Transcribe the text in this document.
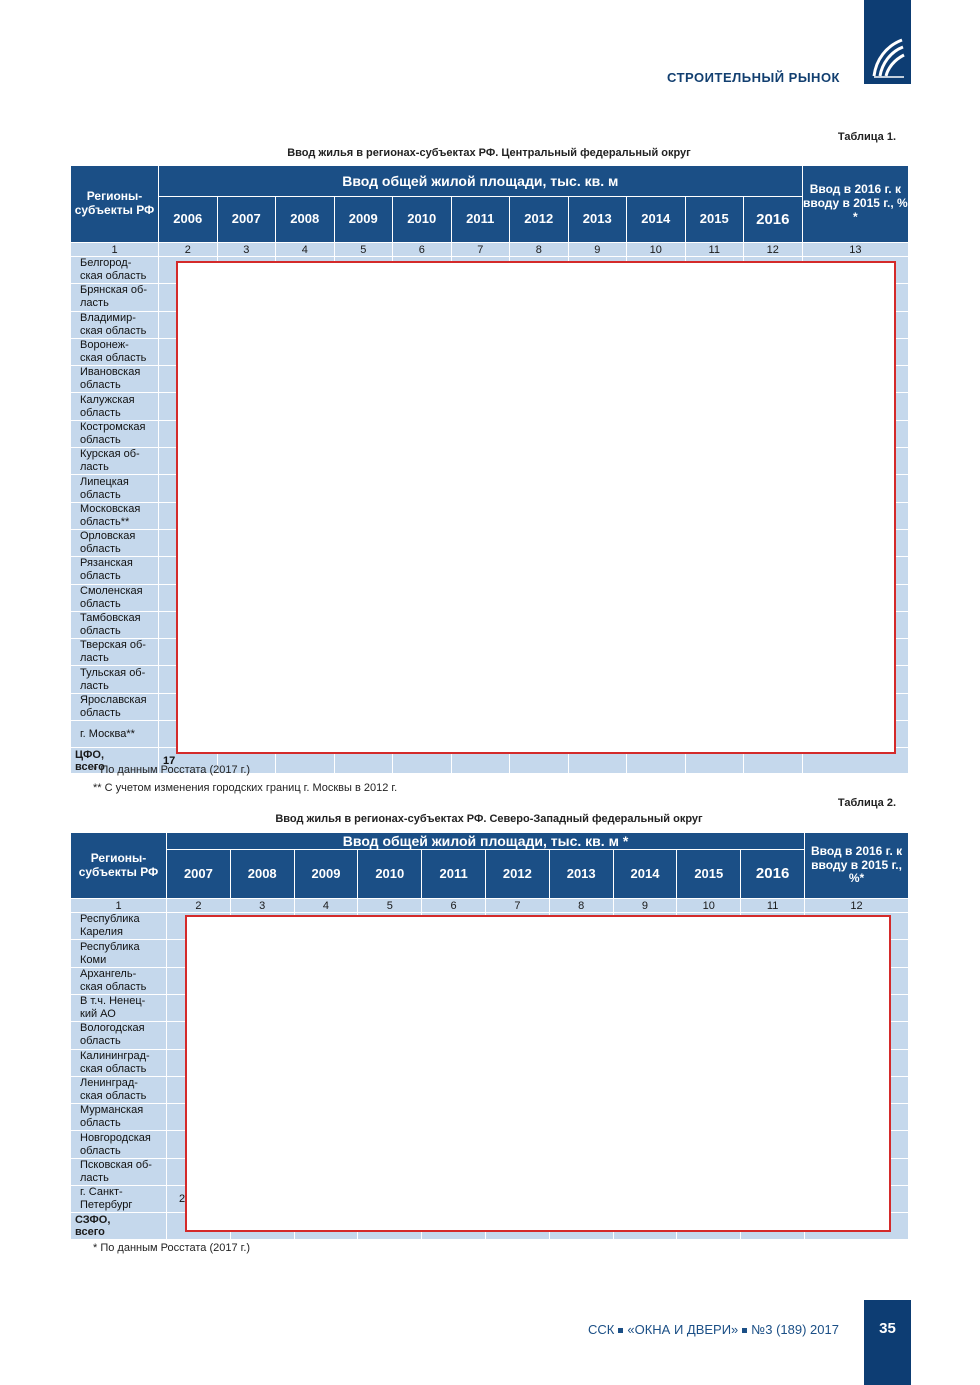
СТРОИТЕЛЬНЫЙ РЫНОК
Таблица 1.
Ввод жилья в регионах-субъектах РФ. Центральный федеральный округ
Регионы-субъекты РФ	Ввод общей жилой площади, тыс. кв. м											Ввод в 2016 г. к вводу в 2015 г., % *
	2006	2007	2008	2009	2010	2011	2012	2013	2014	2015	2016	
1	2	3	4	5	6	7	8	9	10	11	12	13
Белгород-
ская область												
Брянская об-
ласть												
Владимир-
ская область												
Воронеж-
ская область												
Ивановская
область												
Калужская
область												
Костромская
область												
Курская об-
ласть												
Липецкая
область												
Московская
область**												
Орловская
область												
Рязанская
область												
Смоленская
область												
Тамбовская
область												
Тверская об-
ласть												
Тульская об-
ласть												
Ярославская
область												
г. Москва**												
ЦФО,
всего	17											
* По данным Росстата (2017 г.)
** С учетом изменения городских границ г. Москвы в 2012 г.
Таблица 2.
Ввод жилья в регионах-субъектах РФ. Северо-Западный федеральный округ
Регионы-субъекты РФ	Ввод общей жилой площади, тыс. кв. м *										Ввод в 2016 г. к вводу в 2015 г., %*
	2007	2008	2009	2010	2011	2012	2013	2014	2015	2016	
1	2	3	4	5	6	7	8	9	10	11	12
Республика
Карелия											
Республика
Коми											
Архангель-
ская область											
В т.ч. Ненец-
кий АО											
Вологодская
область											
Калининград-
ская область											
Ленинград-
ская область											
Мурманская
область											
Новгородская
область											
Псковская об-
ласть											
г. Санкт-
Петербург	2										
СЗФО,
всего											
* По данным Росстата (2017 г.)
ССК «ОКНА И ДВЕРИ» №3 (189) 2017	35
